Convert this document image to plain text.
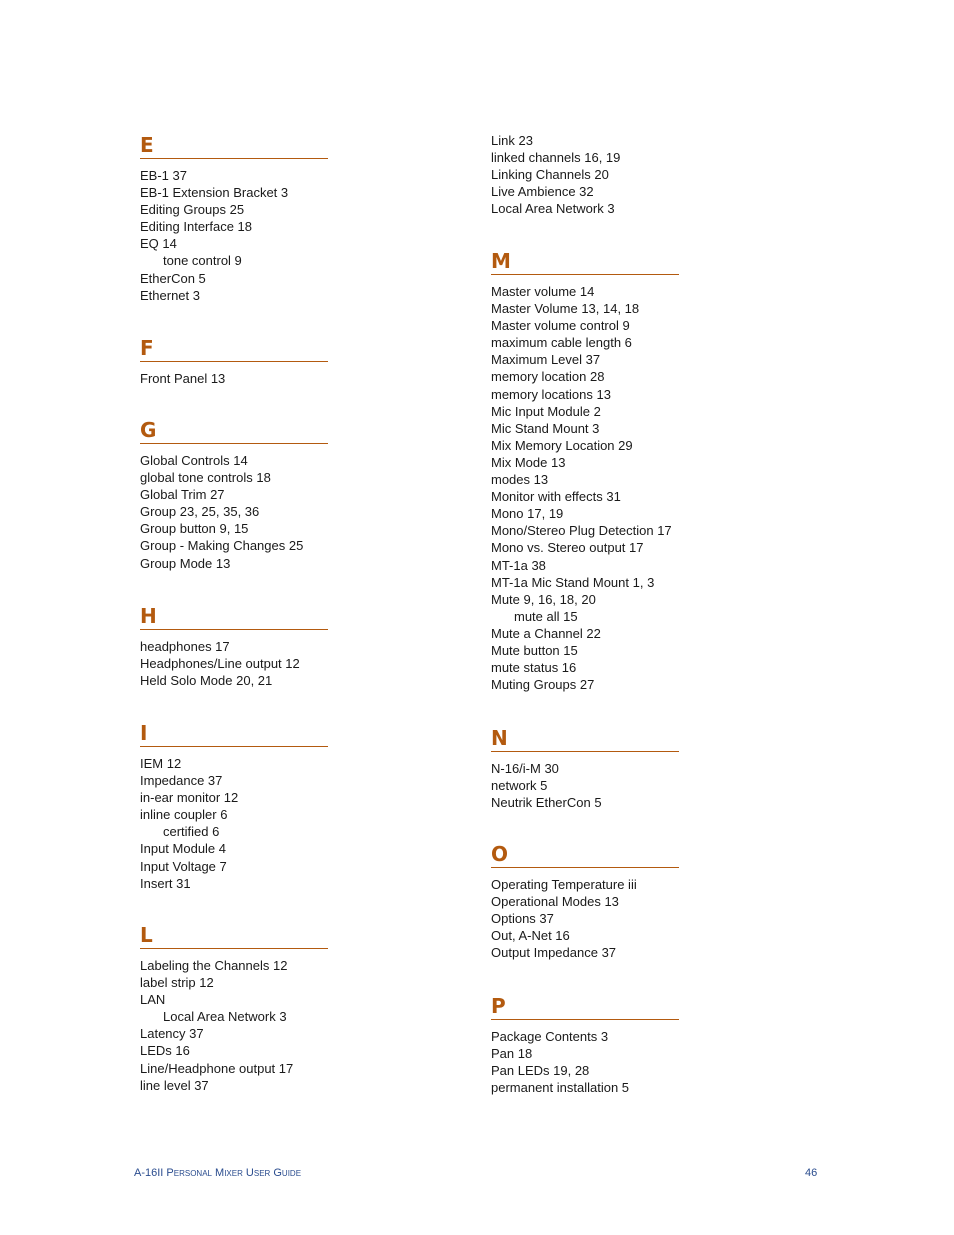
E
EB-1 37
EB-1 Extension Bracket 3
Editing Groups 25
Editing Interface 18
EQ 14
tone control 9
EtherCon 5
Ethernet 3
F
Front Panel 13
G
Global Controls 14
global tone controls 18
Global Trim 27
Group 23, 25, 35, 36
Group button 9, 15
Group - Making Changes 25
Group Mode 13
H
headphones 17
Headphones/Line output 12
Held Solo Mode 20, 21
I
IEM 12
Impedance 37
in-ear monitor 12
inline coupler 6
certified 6
Input Module 4
Input Voltage 7
Insert 31
L
Labeling the Channels 12
label strip 12
LAN
Local Area Network 3
Latency 37
LEDs 16
Line/Headphone output 17
line level 37
Link 23
linked channels 16, 19
Linking Channels 20
Live Ambience 32
Local Area Network 3
M
Master volume 14
Master Volume 13, 14, 18
Master volume control 9
maximum cable length 6
Maximum Level 37
memory location 28
memory locations 13
Mic Input Module 2
Mic Stand Mount 3
Mix Memory Location 29
Mix Mode 13
modes 13
Monitor with effects 31
Mono 17, 19
Mono/Stereo Plug Detection 17
Mono vs. Stereo output 17
MT-1a 38
MT-1a Mic Stand Mount 1, 3
Mute 9, 16, 18, 20
mute all 15
Mute a Channel 22
Mute button 15
mute status 16
Muting Groups 27
N
N-16/i-M 30
network 5
Neutrik EtherCon 5
O
Operating Temperature iii
Operational Modes 13
Options 37
Out, A-Net 16
Output Impedance 37
P
Package Contents 3
Pan 18
Pan LEDs 19, 28
permanent installation 5
A-16II Personal Mixer User Guide	46
